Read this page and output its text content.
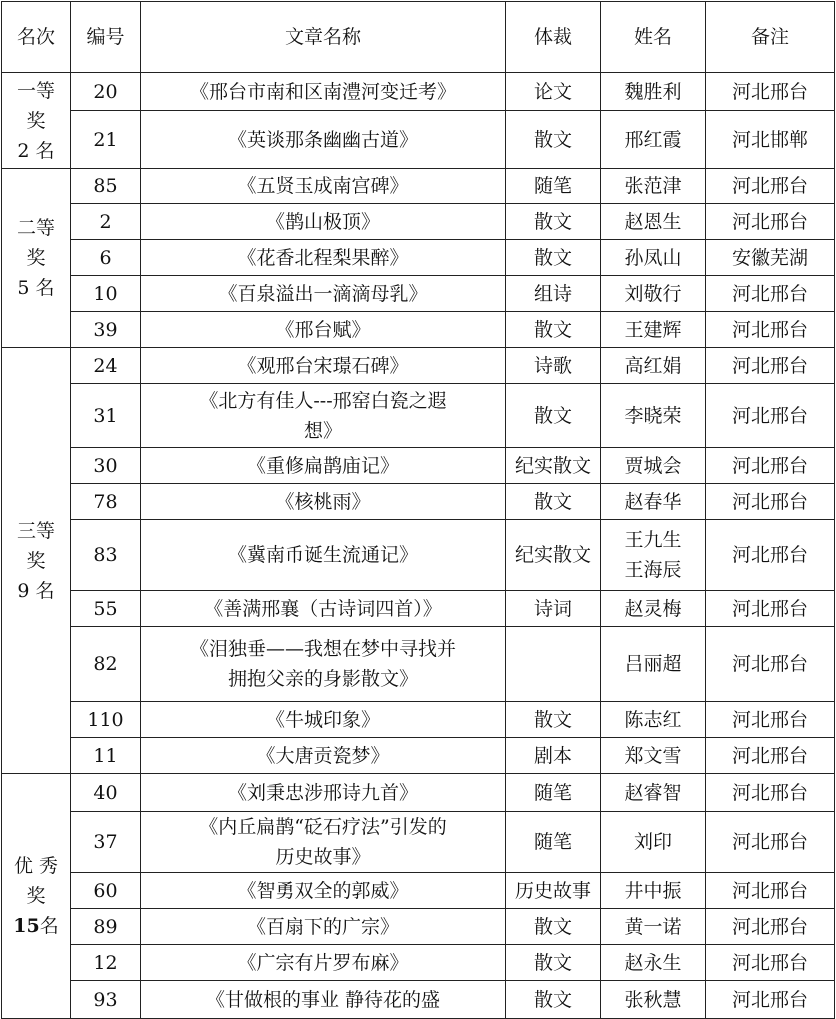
名次	编号	文章名称	体裁	姓名	备注

一等
奖
2 名	20	《邢台市南和区南澧河变迁考》	论文	魏胜利	河北邢台
	21	《英谈那条幽幽古道》	散文	邢红霞	河北邯郸

二等
奖
5 名	85	《五贤玉成南宫碑》	随笔	张范津	河北邢台
	2	《鹊山极顶》	散文	赵恩生	河北邢台
	6	《花香北程梨果醉》	散文	孙凤山	安徽芜湖
	10	《百泉溢出一滴滴母乳》	组诗	刘敬行	河北邢台
	39	《邢台赋》	散文	王建辉	河北邢台

三等
奖
9 名	24	《观邢台宋璟石碑》	诗歌	高红娟	河北邢台
	31	《北方有佳人---邢窑白瓷之遐
想》	散文	李晓荣	河北邢台
	30	《重修扁鹊庙记》	纪实散文	贾城会	河北邢台
	78	《核桃雨》	散文	赵春华	河北邢台
	83	《冀南币诞生流通记》	纪实散文	王九生
王海辰	河北邢台
	55	《善满邢襄（古诗词四首）》	诗词	赵灵梅	河北邢台
	82	《泪独垂——我想在梦中寻找并
拥抱父亲的身影散文》		吕丽超	河北邢台
	110	《牛城印象》	散文	陈志红	河北邢台
	11	《大唐贡瓷梦》	剧本	郑文雪	河北邢台

优 秀
奖
15名	40	《刘秉忠涉邢诗九首》	随笔	赵睿智	河北邢台
	37	《内丘扁鹊“砭石疗法”引发的
历史故事》	随笔	刘印	河北邢台
	60	《智勇双全的郭威》	历史故事	井中振	河北邢台
	89	《百扇下的广宗》	散文	黄一诺	河北邢台
	12	《广宗有片罗布麻》	散文	赵永生	河北邢台
	93	《甘做根的事业 静待花的盛	散文	张秋慧	河北邢台
